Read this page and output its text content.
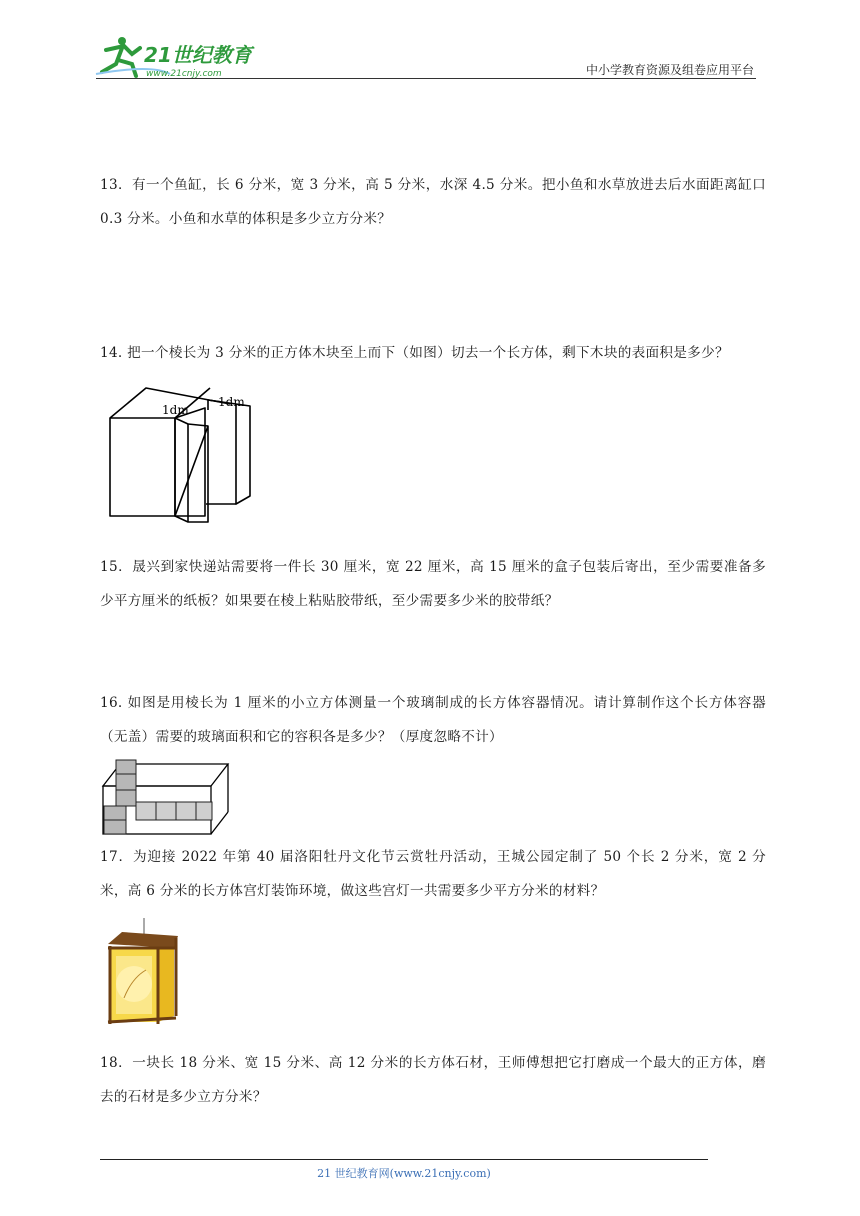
21世纪教育
www.21cnjy.com	中小学教育资源及组卷应用平台
13．有一个鱼缸，长 6 分米，宽 3 分米，高 5 分米，水深 4.5 分米。把小鱼和水草放进去后水面距离缸口 0.3 分米。小鱼和水草的体积是多少立方分米？
14. 把一个棱长为 3 分米的正方体木块至上而下（如图）切去一个长方体，剩下木块的表面积是多少？
1dm
1dm
15．晟兴到家快递站需要将一件长 30 厘米，宽 22 厘米，高 15 厘米的盒子包装后寄出，至少需要准备多少平方厘米的纸板？如果要在棱上粘贴胶带纸，至少需要多少米的胶带纸？
16. 如图是用棱长为 1 厘米的小立方体测量一个玻璃制成的长方体容器情况。请计算制作这个长方体容器（无盖）需要的玻璃面积和它的容积各是多少？（厚度忽略不计）
17．为迎接 2022 年第 40 届洛阳牡丹文化节云赏牡丹活动，王城公园定制了 50 个长 2 分米，宽 2 分米，高 6 分米的长方体宫灯装饰环境，做这些宫灯一共需要多少平方分米的材料？
18．一块长 18 分米、宽 15 分米、高 12 分米的长方体石材，王师傅想把它打磨成一个最大的正方体，磨去的石材是多少立方分米？
21 世纪教育网(www.21cnjy.com)
